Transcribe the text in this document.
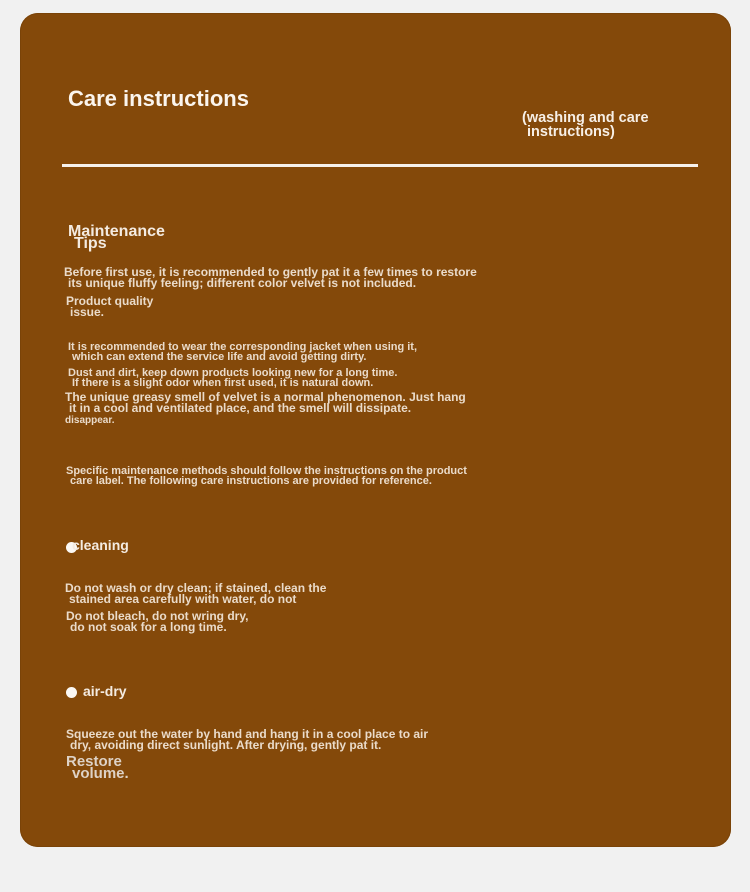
Care instructions
(washing and care
instructions)
Maintenance
Tips
Before first use, it is recommended to gently pat it a few times to restore
its unique fluffy feeling; different color velvet is not included.
Product quality
issue.
It is recommended to wear the corresponding jacket when using it,
which can extend the service life and avoid getting dirty.
Dust and dirt, keep down products looking new for a long time.
If there is a slight odor when first used, it is natural down.
The unique greasy smell of velvet is a normal phenomenon. Just hang
it in a cool and ventilated place, and the smell will dissipate.
disappear.
Specific maintenance methods should follow the instructions on the product
care label. The following care instructions are provided for reference.
cleaning
Do not wash or dry clean; if stained, clean the
stained area carefully with water, do not
Do not bleach, do not wring dry,
do not soak for a long time.
air-dry
Squeeze out the water by hand and hang it in a cool place to air
dry, avoiding direct sunlight. After drying, gently pat it.
Restore
volume.
